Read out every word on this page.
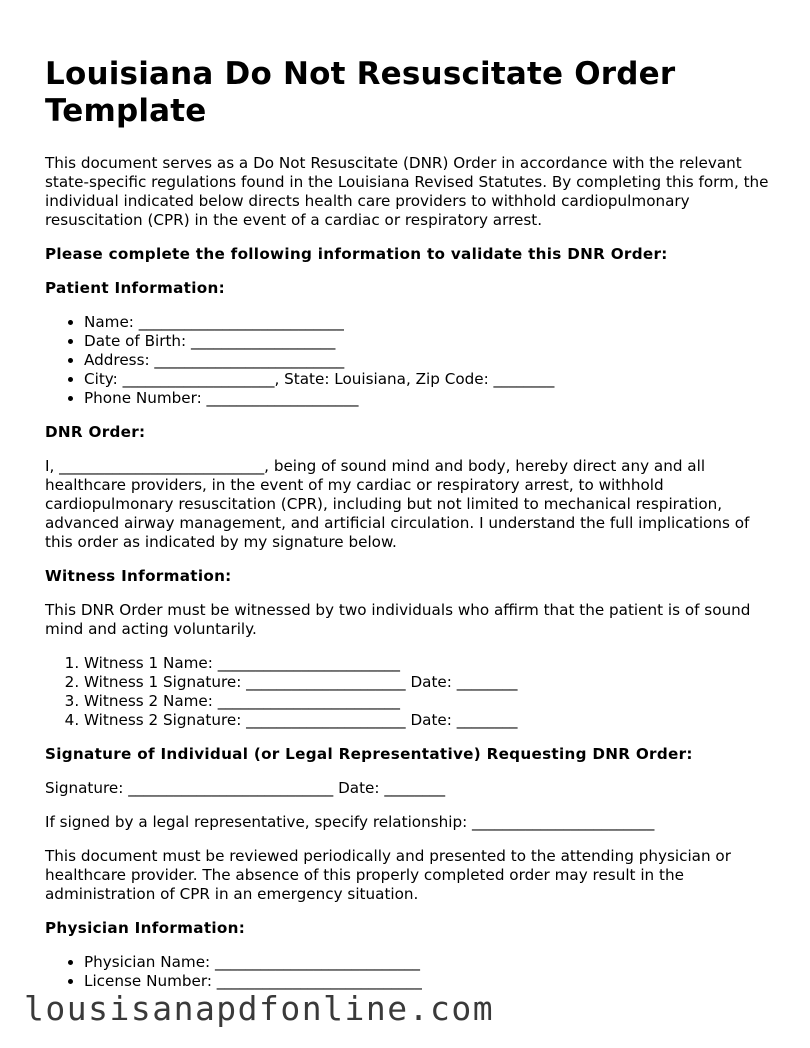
Louisiana Do Not Resuscitate Order Template

This document serves as a Do Not Resuscitate (DNR) Order in accordance with the relevant state-specific regulations found in the Louisiana Revised Statutes. By completing this form, the individual indicated below directs health care providers to withhold cardiopulmonary resuscitation (CPR) in the event of a cardiac or respiratory arrest.

Please complete the following information to validate this DNR Order:

Patient Information:

• Name: ___________________________
• Date of Birth: ___________________
• Address: _________________________
• City: ____________________, State: Louisiana, Zip Code: ________
• Phone Number: ____________________

DNR Order:

I, ___________________________, being of sound mind and body, hereby direct any and all healthcare providers, in the event of my cardiac or respiratory arrest, to withhold cardiopulmonary resuscitation (CPR), including but not limited to mechanical respiration, advanced airway management, and artificial circulation. I understand the full implications of this order as indicated by my signature below.

Witness Information:

This DNR Order must be witnessed by two individuals who affirm that the patient is of sound mind and acting voluntarily.

1. Witness 1 Name: ________________________
2. Witness 1 Signature: _____________________ Date: ________
3. Witness 2 Name: ________________________
4. Witness 2 Signature: _____________________ Date: ________

Signature of Individual (or Legal Representative) Requesting DNR Order:

Signature: ___________________________ Date: ________

If signed by a legal representative, specify relationship: ________________________

This document must be reviewed periodically and presented to the attending physician or healthcare provider. The absence of this properly completed order may result in the administration of CPR in an emergency situation.

Physician Information:

• Physician Name: ___________________________
• License Number: ___________________________
lousisanapdfonline.com
